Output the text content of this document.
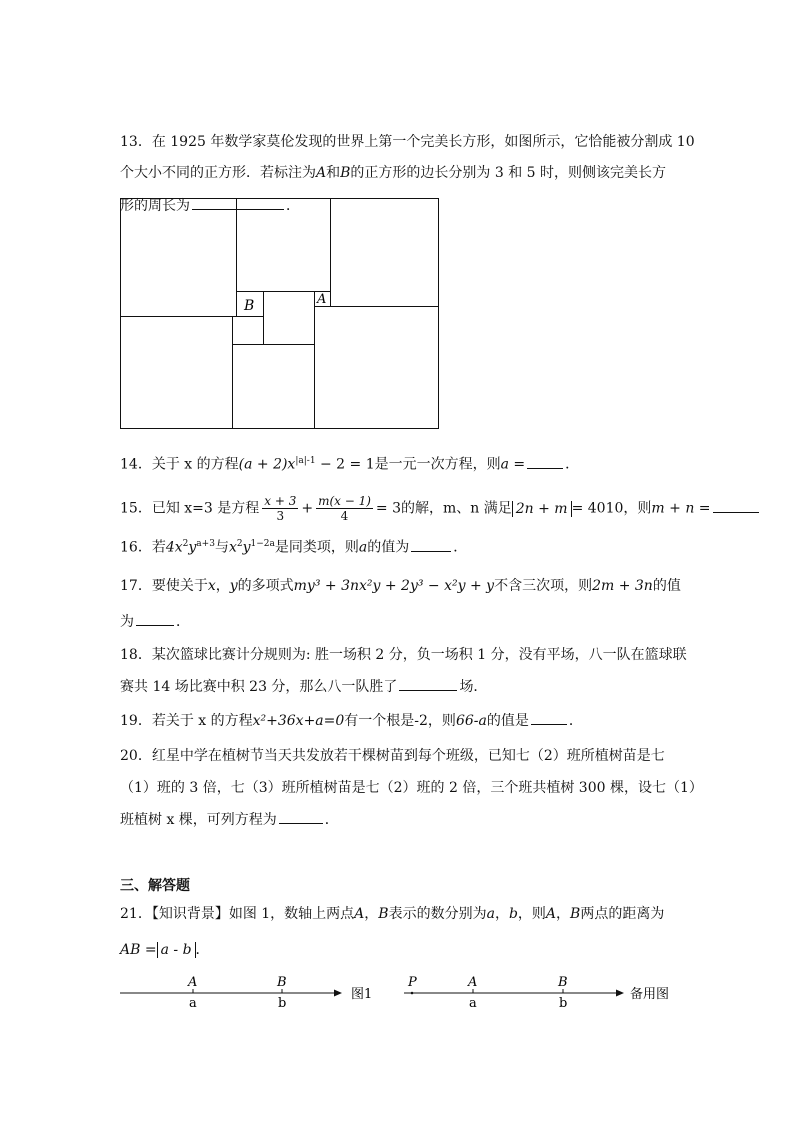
13．在 1925 年数学家莫伦发现的世界上第一个完美长方形，如图所示，它恰能被分割成 10
个大小不同的正方形．若标注为A和B的正方形的边长分别为 3 和 5 时，则侧该完美长方
形的周长为	．
B	A
14．关于 x 的方程$(a + 2)x^{|a|-1} - 2 = 1$是一元一次方程，则a =	．
15．已知 x=3 是方程 $\frac{x + 3}{3} + \frac{m(x - 1)}{4} = 3$的解，m、n 满足 2n + m = 4010，则m + n =
16．若$4x^2y^{a+3}$与$x^2y^{1-2a}$是同类项，则a的值为	．
17．要使关于x，y的多项式my³ + 3nx²y + 2y³ − x²y + y不含三次项，则2m + 3n的值
为	．
18．某次篮球比赛计分规则为: 胜一场积 2 分，负一场积 1 分，没有平场，八一队在篮球联
赛共 14 场比赛中积 23 分，那么八一队胜了	场．
19．若关于 x 的方程x²+36x+a=0有一个根是-2，则66-a的值是	．
20．红星中学在植树节当天共发放若干棵树苗到每个班级，已知七（2）班所植树苗是七
（1）班的 3 倍，七（3）班所植树苗是七（2）班的 2 倍，三个班共植树 300 棵，设七（1）
班植树 x 棵，可列方程为	．
三、解答题
21．【知识背景】如图 1，数轴上两点A，B表示的数分别为a，b，则A，B两点的距离为
AB = a - b ．
A	B
a	b
图1
P	A	B
a	b
备用图
